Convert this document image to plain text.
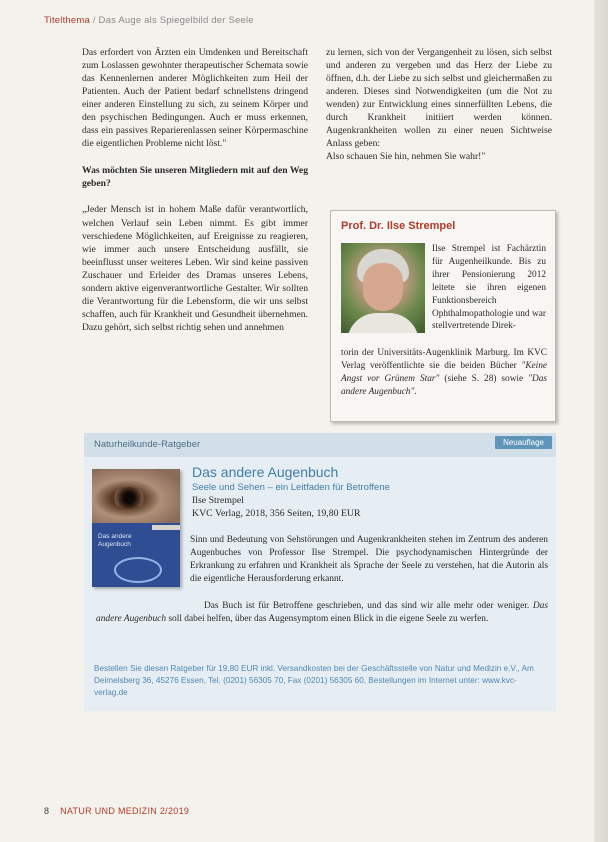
Titelthema / Das Auge als Spiegelbild der Seele

Das erfordert von Ärzten ein Umdenken und Bereitschaft zum Loslassen gewohnter therapeutischer Schemata sowie das Kennenlernen anderer Möglichkeiten zum Heil der Patienten. Auch der Patient bedarf schnellstens dringend einer anderen Einstellung zu sich, zu seinem Körper und den psychischen Bedingungen. Auch er muss erkennen, dass ein passives Reparierenlassen seiner Körpermaschine die eigentlichen Probleme nicht löst."

Was möchten Sie unseren Mitgliedern mit auf den Weg geben?

„Jeder Mensch ist in hohem Maße dafür verantwortlich, welchen Verlauf sein Leben nimmt. Es gibt immer verschiedene Möglichkeiten, auf Ereignisse zu reagieren, wie immer auch unsere Entscheidung ausfällt, sie beeinflusst unser weiteres Leben. Wir sind keine passiven Zuschauer und Erleider des Dramas unseres Lebens, sondern aktive eigenverantwortliche Gestalter. Wir sollten die Verantwortung für die Lebensform, die wir uns selbst schaffen, auch für Krankheit und Gesundheit übernehmen. Dazu gehört, sich selbst richtig sehen und annehmen

zu lernen, sich von der Vergangenheit zu lösen, sich selbst und anderen zu vergeben und das Herz der Liebe zu öffnen, d.h. der Liebe zu sich selbst und gleichermaßen zu anderen. Dieses sind Notwendigkeiten (um die Not zu wenden) zur Entwicklung eines sinnerfüllten Lebens, die durch Krankheit initiiert werden können. Augenkrankheiten wollen zu einer neuen Sichtweise Anlass geben:

Also schauen Sie hin, nehmen Sie wahr!"

Prof. Dr. Ilse Strempel
Ilse Strempel ist Fachärztin für Augenheilkunde. Bis zu ihrer Pensionierung 2012 leitete sie ihren eigenen Funktionsbereich Ophthalmopathologie und war stellvertretende Direk-
torin der Universitäts-Augenklinik Marburg. Im KVC Verlag veröffentlichte sie die beiden Bücher "Keine Angst vor Grünem Star" (siehe S. 28) sowie "Das andere Augenbuch".
Naturheilkunde-Ratgeber	Neuauflage
Das andere
Augenbuch
Das andere Augenbuch
Seele und Sehen – ein Leitfaden für Betroffene
Ilse Strempel
KVC Verlag, 2018, 356 Seiten, 19,80 EUR
Sinn und Bedeutung von Sehstörungen und Augenkrankheiten stehen im Zentrum des anderen Augenbuches von Professor Ilse Strempel. Die psychodynamischen Hintergründe der Erkrankung zu erfahren und Krankheit als Sprache der Seele zu verstehen, hat die Autorin als die eigentliche Herausforderung erkannt.
Das Buch ist für Betroffene geschrieben, und das sind wir alle mehr oder weniger. Das andere Augenbuch soll dabei helfen, über das Augensymptom einen Blick in die eigene Seele zu werfen.
Bestellen Sie diesen Ratgeber für 19,80 EUR inkl. Versandkosten bei der Geschäftsstelle von Natur und Medizin e.V., Am Deimelsberg 36, 45276 Essen, Tel. (0201) 56305 70, Fax (0201) 56305 60, Bestellungen im Internet unter: www.kvc-verlag.de
8 NATUR UND MEDIZIN 2/2019
